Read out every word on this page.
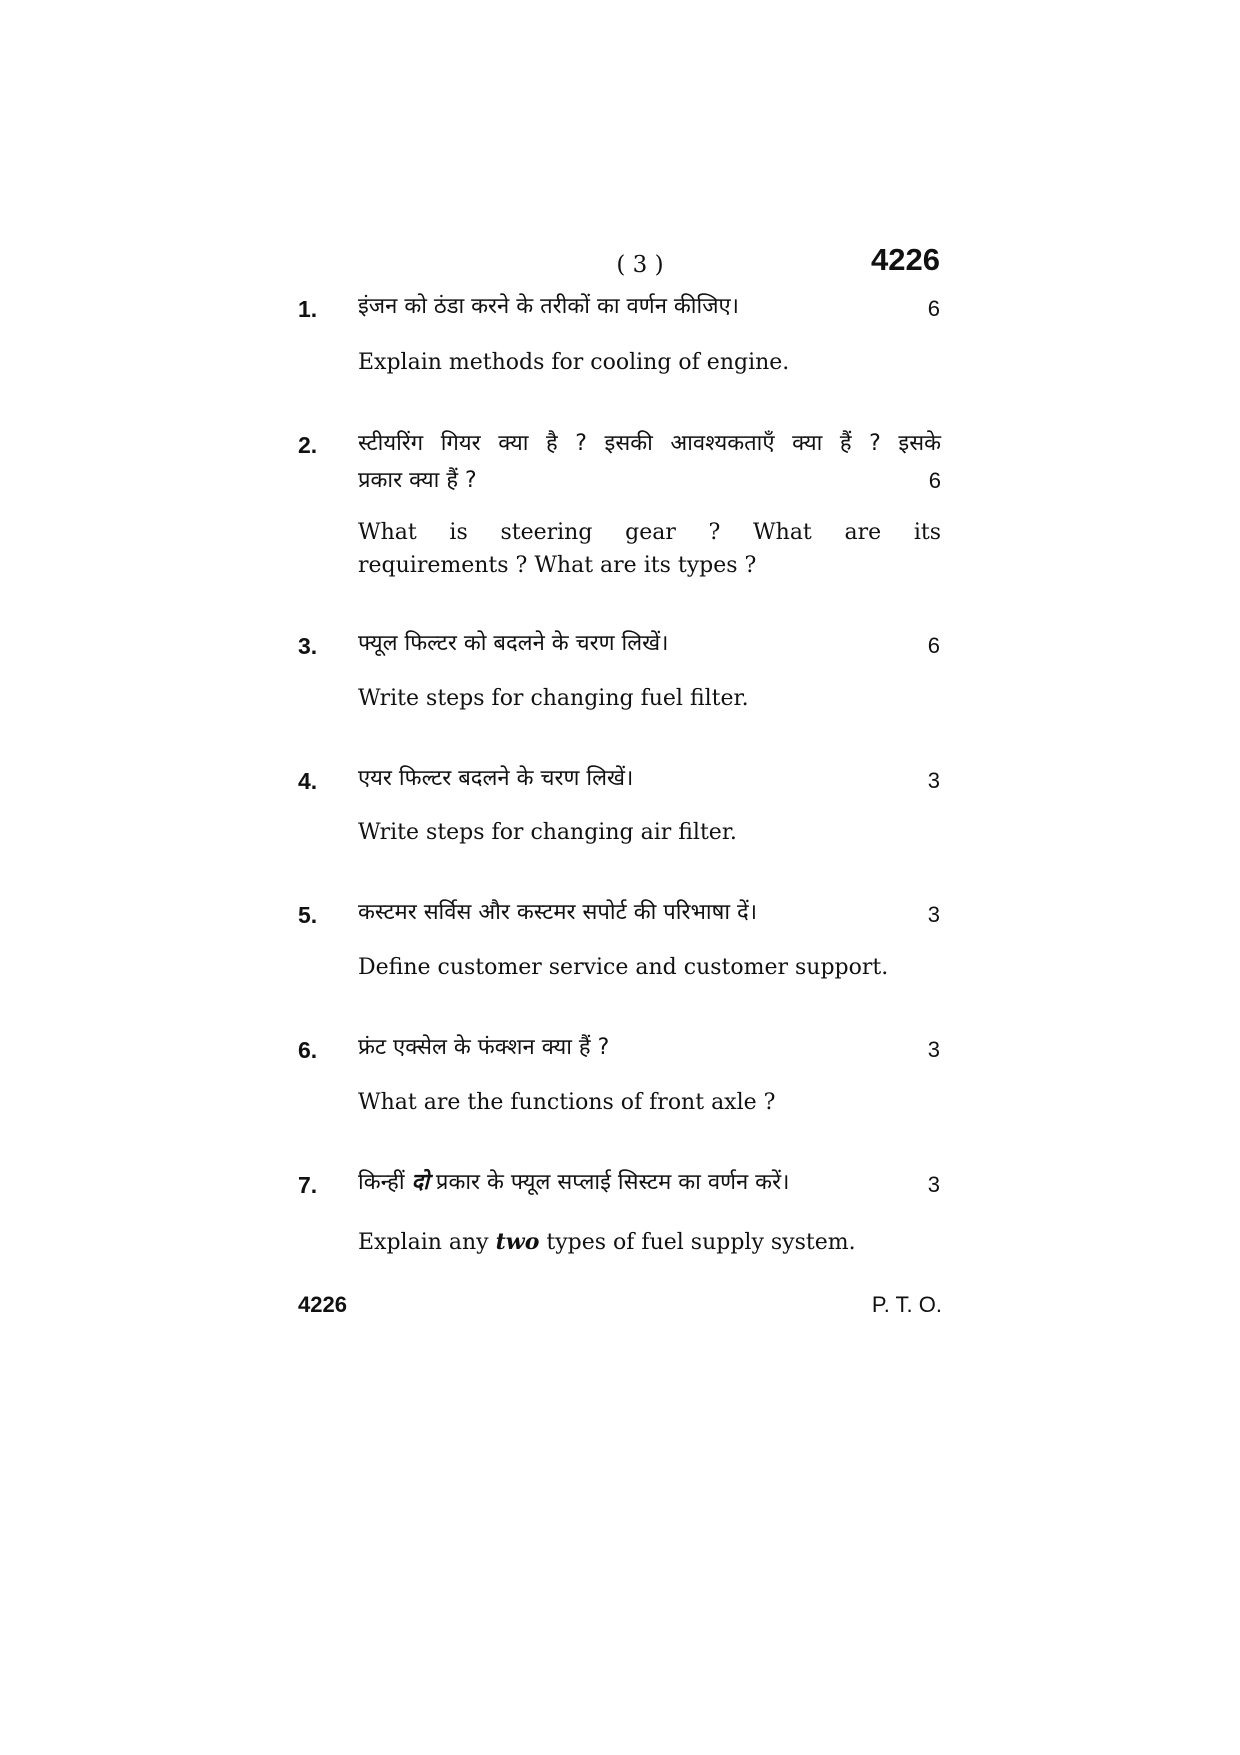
( 3 )	4226
1.	इंजन को ठंडा करने के तरीकों का वर्णन कीजिए।	6
Explain methods for cooling of engine.
2.	स्टीयरिंग गियर क्या है ? इसकी आवश्यकताएँ क्या हैं ? इसके
प्रकार क्या हैं ?	6
What is steering gear ? What are its
requirements ? What are its types ?
3.	फ्यूल फिल्टर को बदलने के चरण लिखें।	6
Write steps for changing fuel filter.
4.	एयर फिल्टर बदलने के चरण लिखें।	3
Write steps for changing air filter.
5.	कस्टमर सर्विस और कस्टमर सपोर्ट की परिभाषा दें।	3
Define customer service and customer support.
6.	फ्रंट एक्सेल के फंक्शन क्या हैं ?	3
What are the functions of front axle ?
7.	किन्हीं दो प्रकार के फ्यूल सप्लाई सिस्टम का वर्णन करें।	3
Explain any two types of fuel supply system.
4226	P. T. O.
